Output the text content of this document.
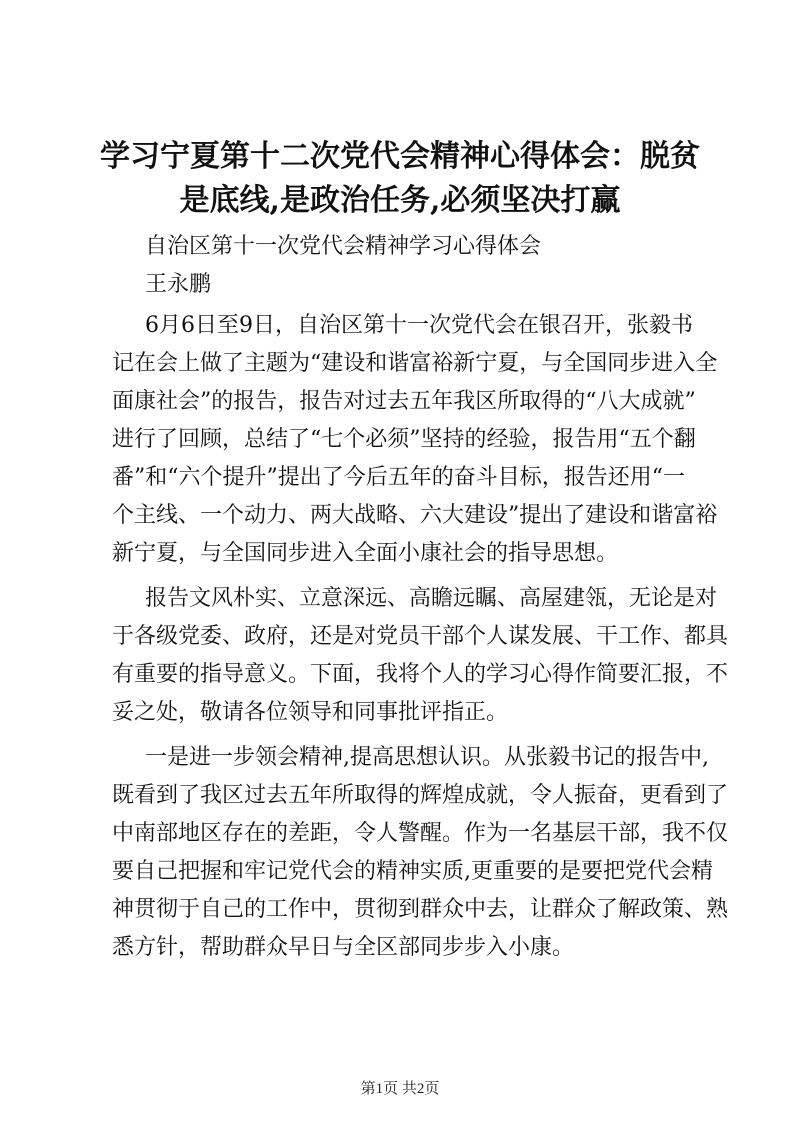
学习宁夏第十二次党代会精神心得体会：脱贫
是底线,是政治任务,必须坚决打赢

自治区第十一次党代会精神学习心得体会

王永鹏

6月6日至9日，自治区第十一次党代会在银召开，张毅书
记在会上做了主题为“建设和谐富裕新宁夏，与全国同步进入全
面康社会”的报告，报告对过去五年我区所取得的“八大成就”
进行了回顾，总结了“七个必须”坚持的经验，报告用“五个翻
番”和“六个提升”提出了今后五年的奋斗目标，报告还用“一
个主线、一个动力、两大战略、六大建设”提出了建设和谐富裕
新宁夏，与全国同步进入全面小康社会的指导思想。
报告文风朴实、立意深远、高瞻远瞩、高屋建瓴，无论是对
于各级党委、政府，还是对党员干部个人谋发展、干工作、都具
有重要的指导意义。下面，我将个人的学习心得作简要汇报，不
妥之处，敬请各位领导和同事批评指正。
一是进一步领会精神,提高思想认识。从张毅书记的报告中,
既看到了我区过去五年所取得的辉煌成就，令人振奋，更看到了
中南部地区存在的差距，令人警醒。作为一名基层干部，我不仅
要自己把握和牢记党代会的精神实质,更重要的是要把党代会精
神贯彻于自己的工作中，贯彻到群众中去，让群众了解政策、熟
悉方针，帮助群众早日与全区部同步步入小康。
第1页 共2页
